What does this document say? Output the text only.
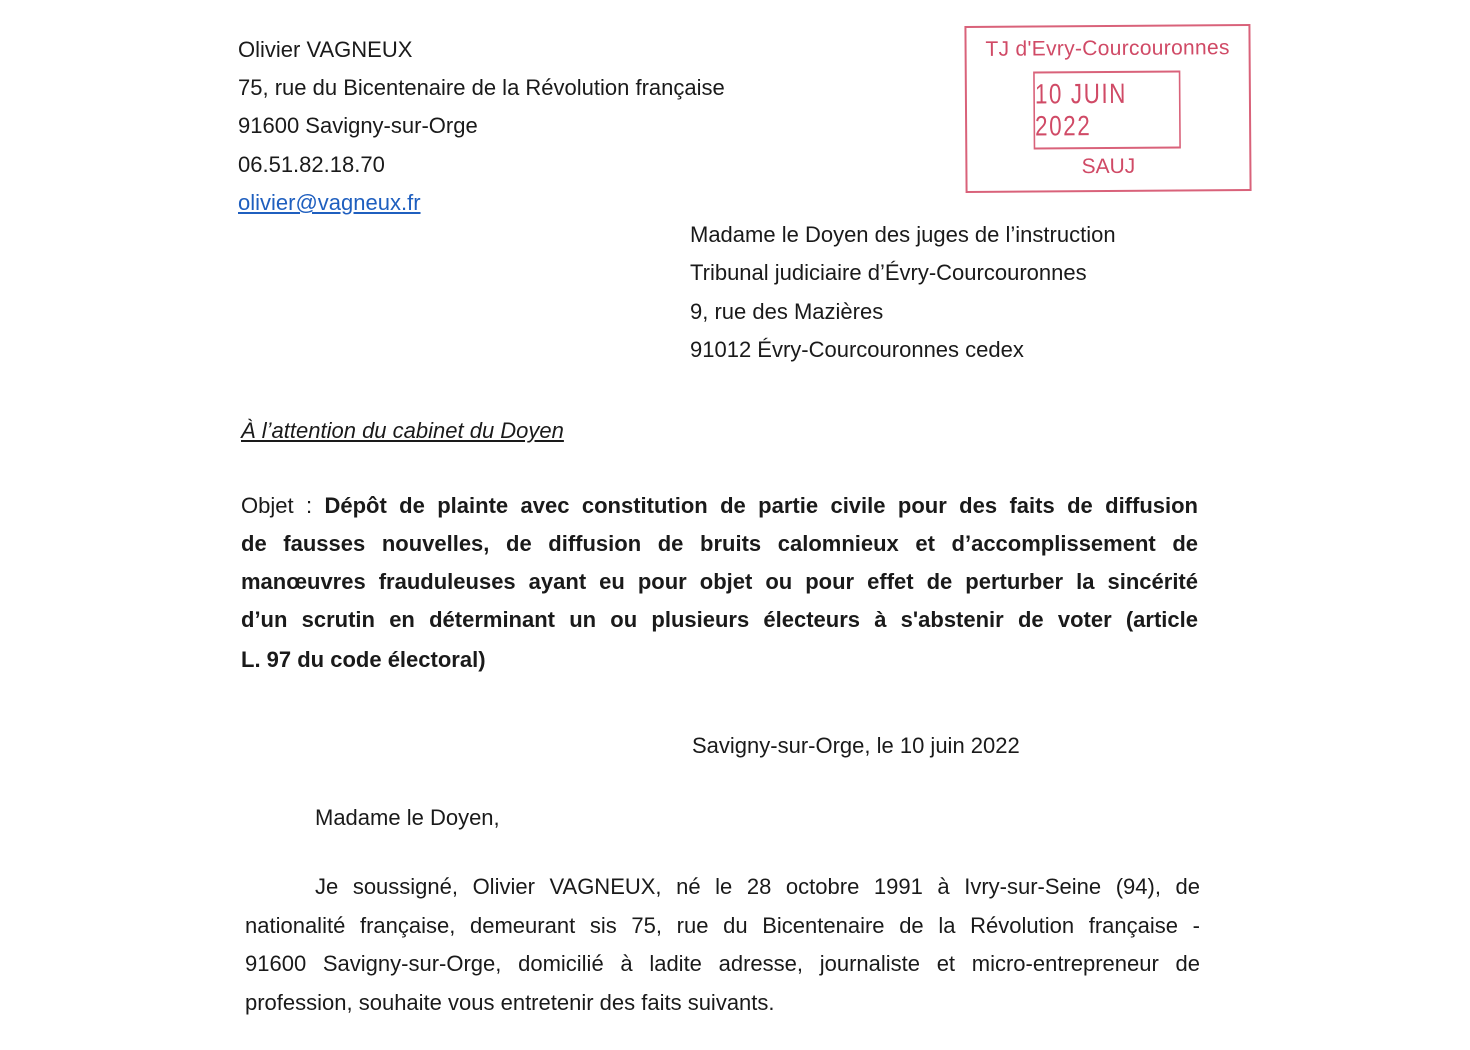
Olivier VAGNEUX
75, rue du Bicentenaire de la Révolution française
91600 Savigny-sur-Orge
06.51.82.18.70
olivier@vagneux.fr
TJ d'Evry-Courcouronnes
10 JUIN 2022
SAUJ
Madame le Doyen des juges de l’instruction
Tribunal judiciaire d’Évry-Courcouronnes
9, rue des Mazières
91012 Évry-Courcouronnes cedex
À l’attention du cabinet du Doyen
Objet : Dépôt de plainte avec constitution de partie civile pour des faits de diffusion
de fausses nouvelles, de diffusion de bruits calomnieux et d’accomplissement de
manœuvres frauduleuses ayant eu pour objet ou pour effet de perturber la sincérité
d’un scrutin en déterminant un ou plusieurs électeurs à s'abstenir de voter (article
L. 97 du code électoral)
Savigny-sur-Orge, le 10 juin 2022
Madame le Doyen,
Je soussigné, Olivier VAGNEUX, né le 28 octobre 1991 à Ivry-sur-Seine (94), de
nationalité française, demeurant sis 75, rue du Bicentenaire de la Révolution française -
91600 Savigny-sur-Orge, domicilié à ladite adresse, journaliste et micro-entrepreneur de
profession, souhaite vous entretenir des faits suivants.
